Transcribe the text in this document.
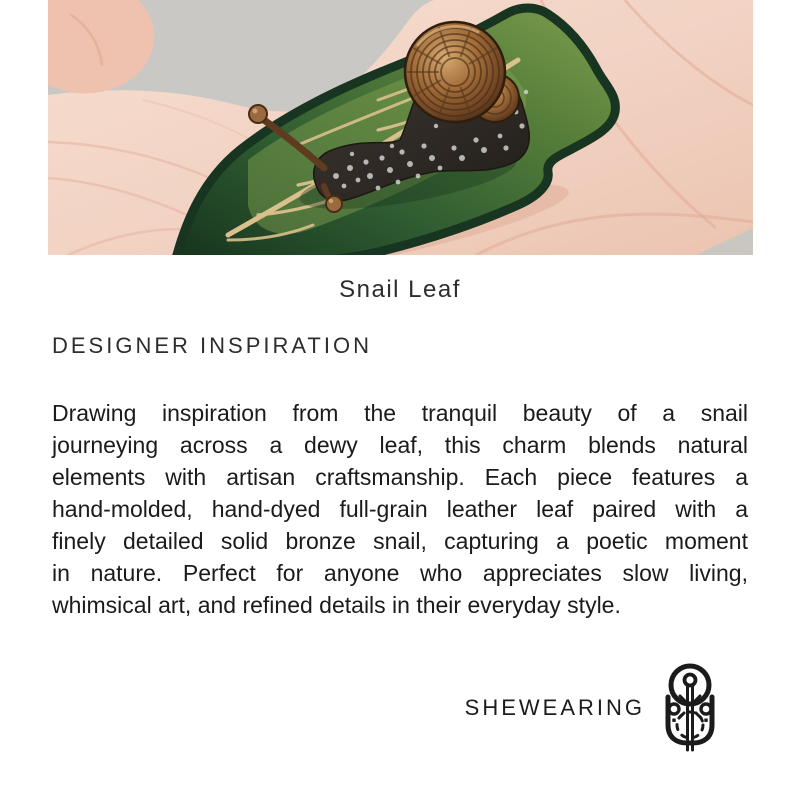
Snail Leaf
DESIGNER INSPIRATION
Drawing inspiration from the tranquil beauty of a snail
journeying across a dewy leaf, this charm blends natural
elements with artisan craftsmanship. Each piece features a
hand-molded, hand-dyed full-grain leather leaf paired with a
finely detailed solid bronze snail, capturing a poetic moment
in nature. Perfect for anyone who appreciates slow living,
whimsical art, and refined details in their everyday style.
SHEWEARING
